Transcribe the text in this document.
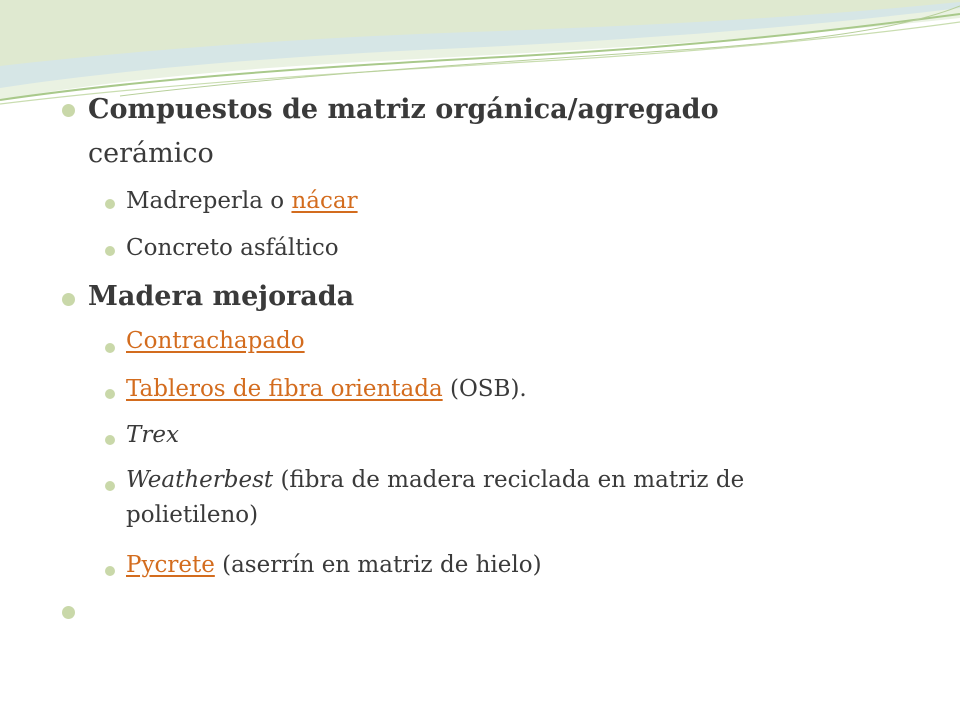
Compuestos de matriz orgánica/agregado
cerámico
Madreperla o nácar
Concreto asfáltico
Madera mejorada
Contrachapado
Tableros de fibra orientada (OSB).
Trex
Weatherbest (fibra de madera reciclada en matriz de
polietileno)
Pycrete (aserrín en matriz de hielo)
